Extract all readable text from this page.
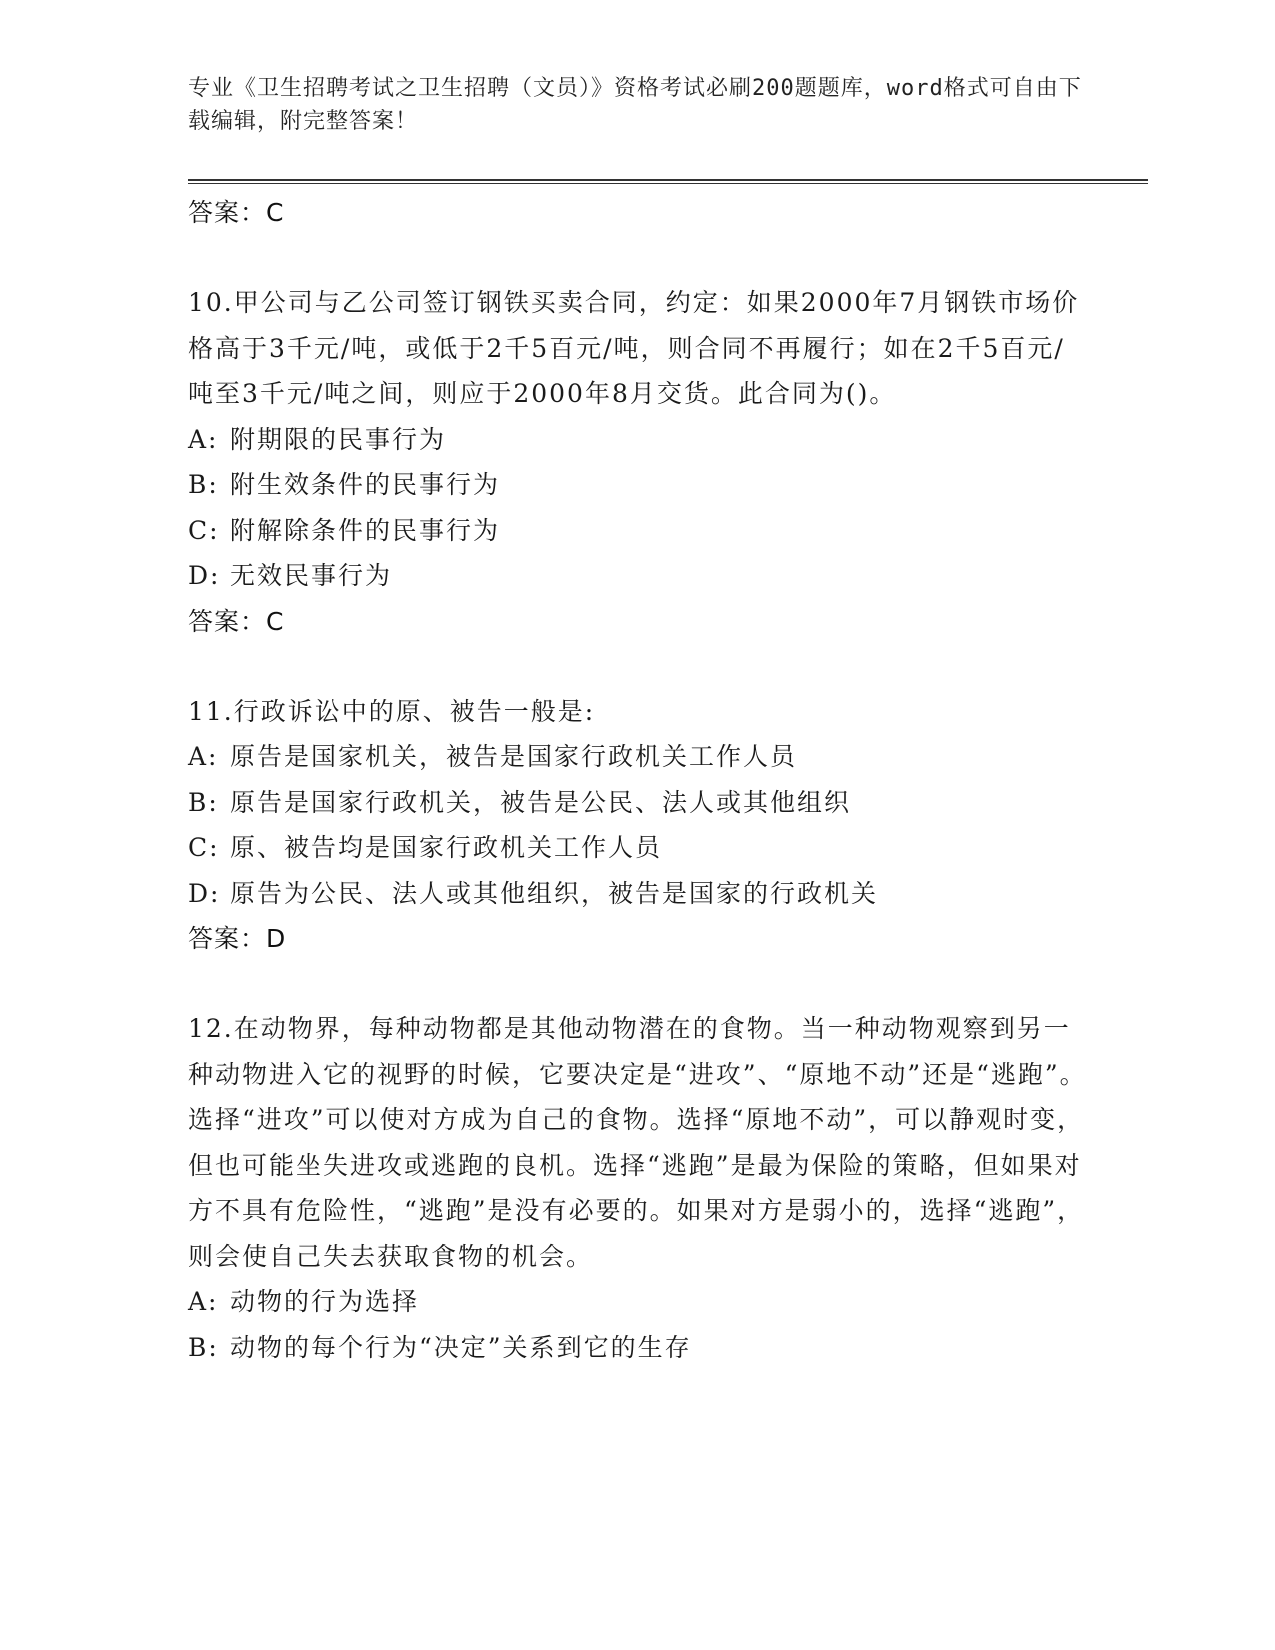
专业《卫生招聘考试之卫生招聘（文员）》资格考试必刷200题题库，word格式可自由下载编辑，附完整答案！

答案：C

10.甲公司与乙公司签订钢铁买卖合同，约定：如果2000年7月钢铁市场价格高于3千元/吨，或低于2千5百元/吨，则合同不再履行；如在2千5百元/吨至3千元/吨之间，则应于2000年8月交货。此合同为()。

A: 附期限的民事行为

B: 附生效条件的民事行为

C: 附解除条件的民事行为

D: 无效民事行为

答案：C

11.行政诉讼中的原、被告一般是:

A: 原告是国家机关，被告是国家行政机关工作人员

B: 原告是国家行政机关，被告是公民、法人或其他组织

C: 原、被告均是国家行政机关工作人员

D: 原告为公民、法人或其他组织，被告是国家的行政机关

答案：D

12.在动物界，每种动物都是其他动物潜在的食物。当一种动物观察到另一种动物进入它的视野的时候，它要决定是“进攻”、“原地不动”还是“逃跑”。选择“进攻”可以使对方成为自己的食物。选择“原地不动”，可以静观时变，但也可能坐失进攻或逃跑的良机。选择“逃跑”是最为保险的策略，但如果对方不具有危险性，“逃跑”是没有必要的。如果对方是弱小的，选择“逃跑”，则会使自己失去获取食物的机会。

A: 动物的行为选择

B: 动物的每个行为“决定”关系到它的生存
